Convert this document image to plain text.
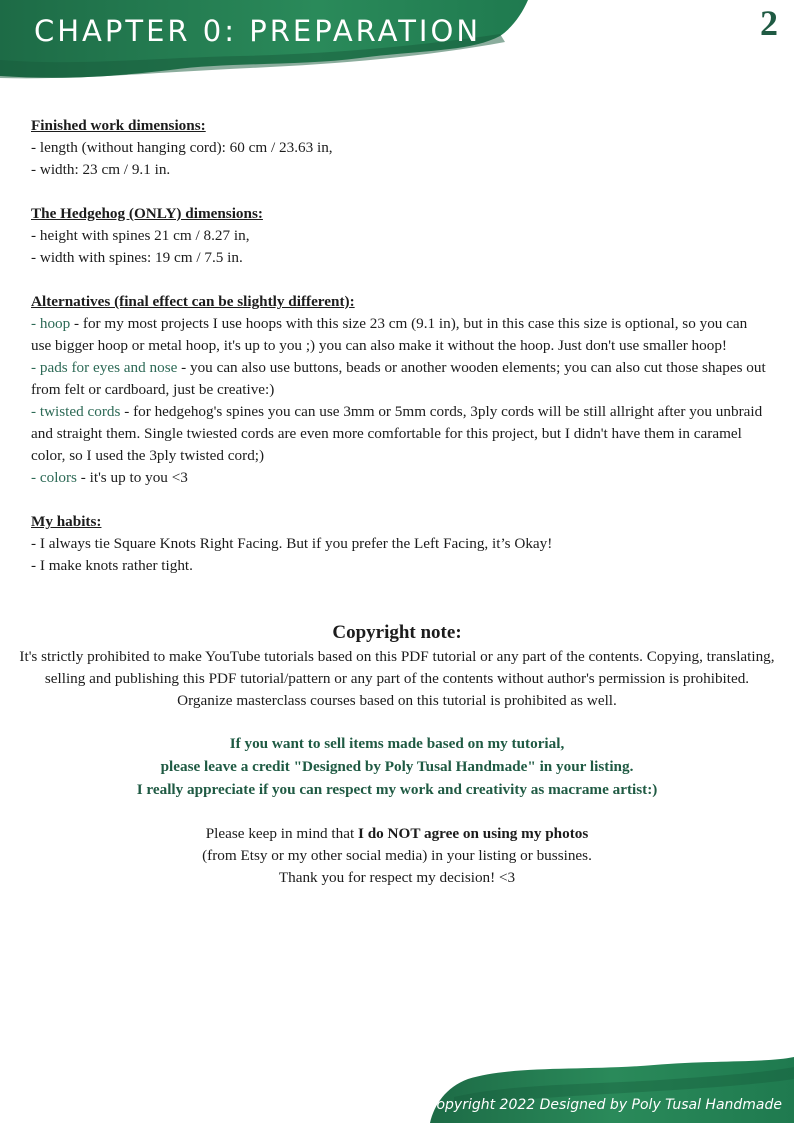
CHAPTER 0: PREPARATION	2
Finished work dimensions:
- length (without hanging cord): 60 cm / 23.63 in,
- width: 23 cm / 9.1 in.
The Hedgehog (ONLY) dimensions:
- height with spines 21 cm / 8.27 in,
- width with spines: 19 cm / 7.5 in.
Alternatives (final effect can be slightly different):
- hoop - for my most projects I use hoops with this size 23 cm (9.1 in), but in this case this size is optional, so you can use bigger hoop or metal hoop, it's up to you ;) you can also make it without the hoop. Just don't use smaller hoop!
- pads for eyes and nose - you can also use buttons, beads or another wooden elements; you can also cut those shapes out from felt or cardboard, just be creative:)
- twisted cords - for hedgehog's spines you can use 3mm or 5mm cords, 3ply cords will be still allright after you unbraid and straight them. Single twiested cords are even more comfortable for this project, but I didn't have them in caramel color, so I used the 3ply twisted cord;)
- colors - it's up to you <3
My habits:
- I always tie Square Knots Right Facing. But if you prefer the Left Facing, it’s Okay!
- I make knots rather tight.
Copyright note:
It's strictly prohibited to make YouTube tutorials based on this PDF tutorial or any part of the contents. Copying, translating, selling and publishing this PDF tutorial/pattern or any part of the contents without author's permission is prohibited. Organize masterclass courses based on this tutorial is prohibited as well.
If you want to sell items made based on my tutorial,
please leave a credit "Designed by Poly Tusal Handmade" in your listing.
I really appreciate if you can respect my work and creativity as macrame artist:)
Please keep in mind that I do NOT agree on using my photos
(from Etsy or my other social media) in your listing or bussines.
Thank you for respect my decision! <3
Copyright 2022 Designed by Poly Tusal Handmade
